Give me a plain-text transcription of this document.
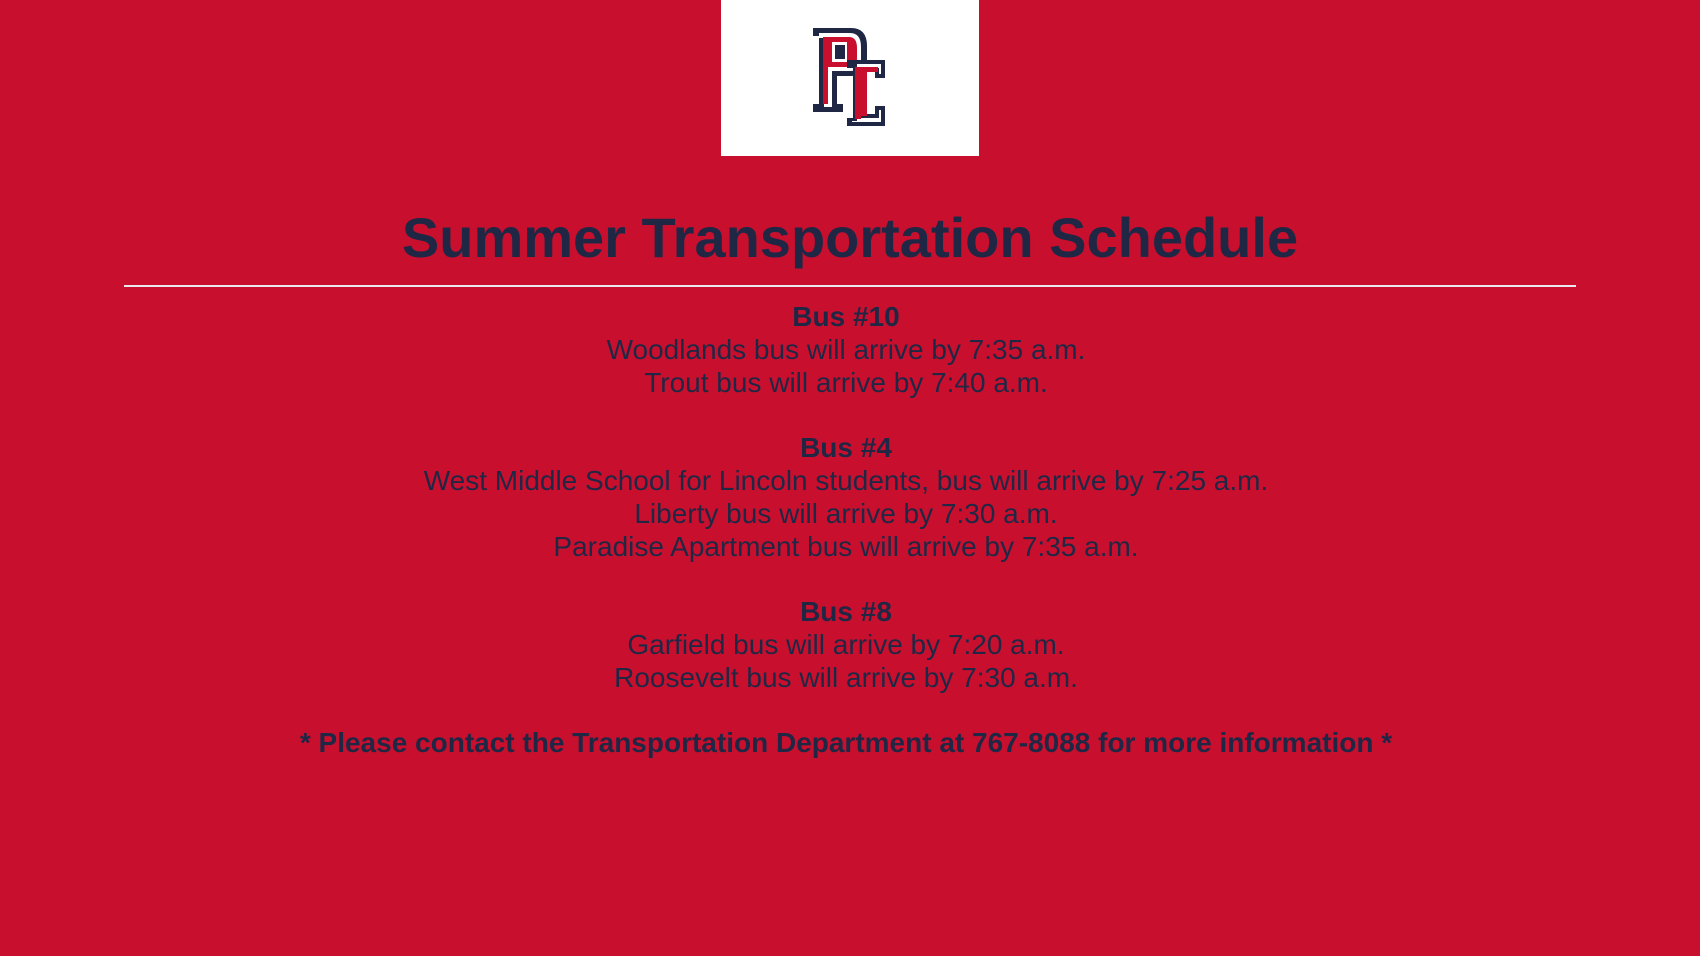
Summer Transportation Schedule
Bus #10
Woodlands bus will arrive by 7:35 a.m.
Trout bus will arrive by 7:40 a.m.
Bus #4
West Middle School for Lincoln students, bus will arrive by 7:25 a.m.
Liberty bus will arrive by 7:30 a.m.
Paradise Apartment bus will arrive by 7:35 a.m.
Bus #8
Garfield bus will arrive by 7:20 a.m.
Roosevelt bus will arrive by 7:30 a.m.
* Please contact the Transportation Department at 767-8088 for more information *
